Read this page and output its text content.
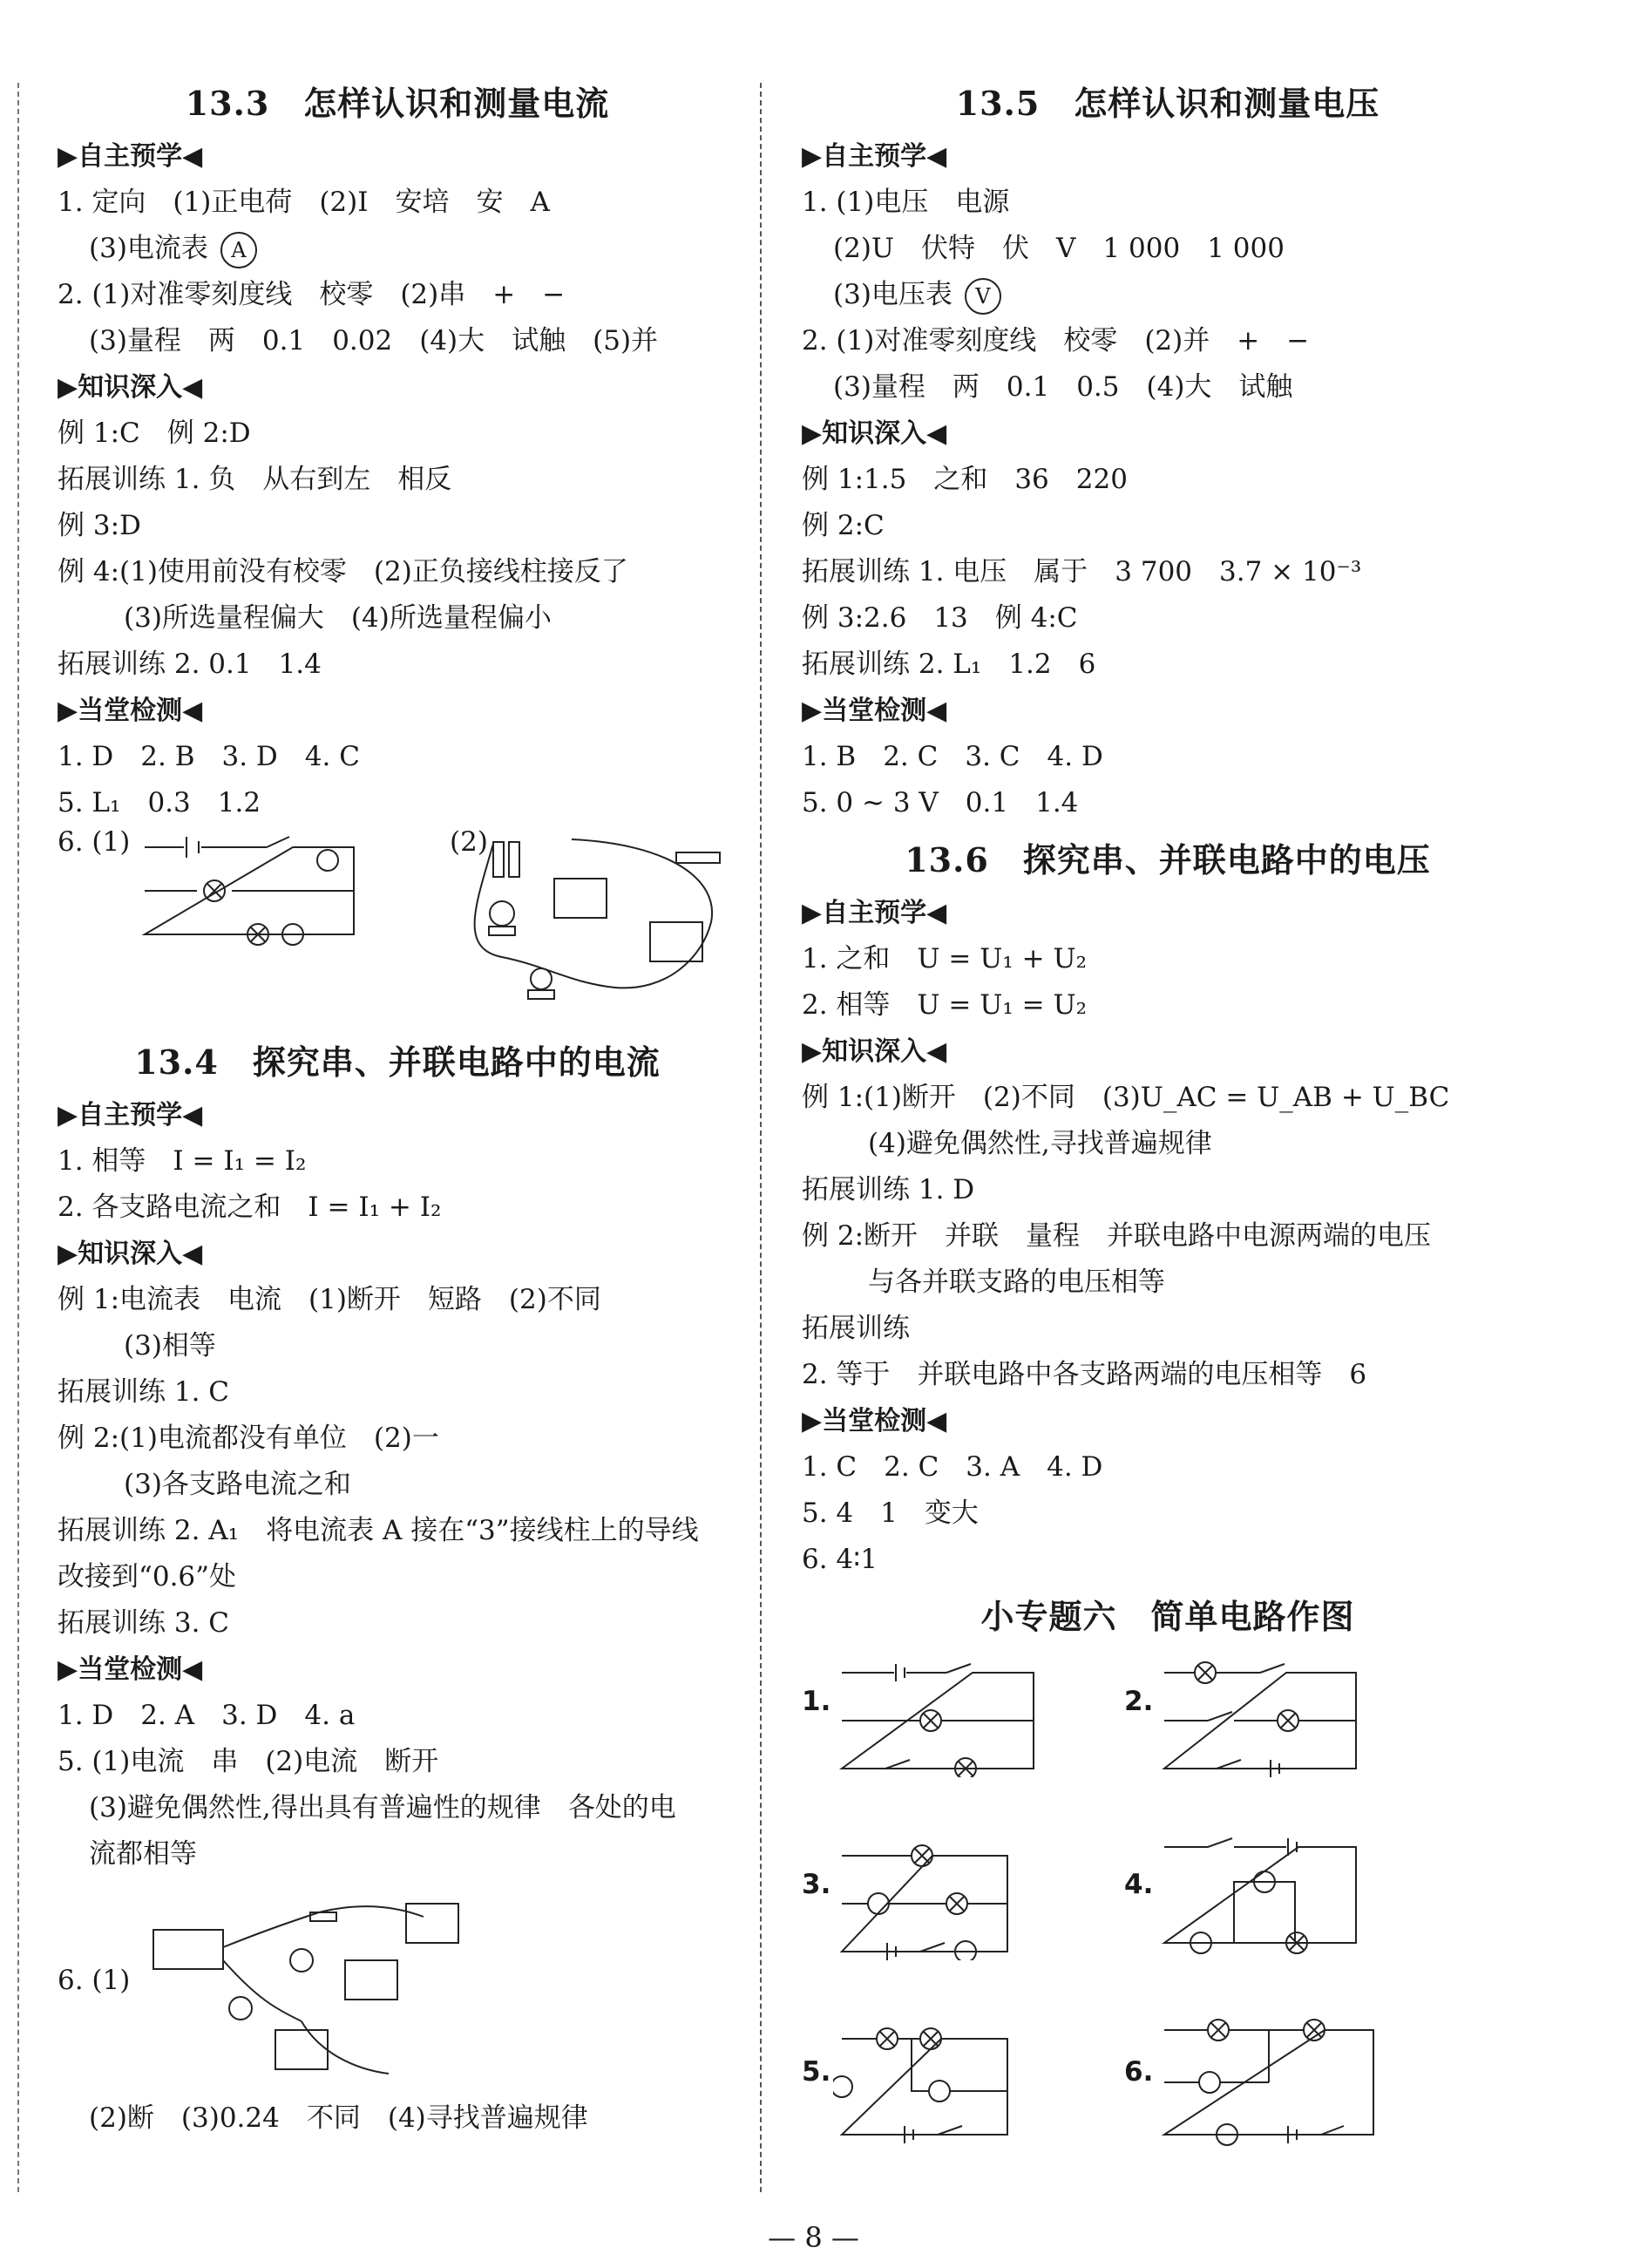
13.3　怎样认识和测量电流
▶自主预学◀
1. 定向　(1)正电荷　(2)I　安培　安　A
(3)电流表 A
2. (1)对准零刻度线　校零　(2)串　+　−
(3)量程　两　0.1　0.02　(4)大　试触　(5)并
▶知识深入◀
例 1:C　例 2:D
拓展训练 1. 负　从右到左　相反
例 3:D
例 4:(1)使用前没有校零　(2)正负接线柱接反了
(3)所选量程偏大　(4)所选量程偏小
拓展训练 2. 0.1　1.4
▶当堂检测◀
1. D　2. B　3. D　4. C
5. L₁　0.3　1.2
6. (1)	(2)
13.4　探究串、并联电路中的电流
▶自主预学◀
1. 相等　I = I₁ = I₂
2. 各支路电流之和　I = I₁ + I₂
▶知识深入◀
例 1:电流表　电流　(1)断开　短路　(2)不同
(3)相等
拓展训练 1. C
例 2:(1)电流都没有单位　(2)一
(3)各支路电流之和
拓展训练 2. A₁　将电流表 A 接在“3”接线柱上的导线
改接到“0.6”处
拓展训练 3. C
▶当堂检测◀
1. D　2. A　3. D　4. a
5. (1)电流　串　(2)电流　断开
(3)避免偶然性,得出具有普遍性的规律　各处的电
流都相等
6. (1)
(2)断　(3)0.24　不同　(4)寻找普遍规律
13.5　怎样认识和测量电压
▶自主预学◀
1. (1)电压　电源
(2)U　伏特　伏　V　1 000　1 000
(3)电压表 V
2. (1)对准零刻度线　校零　(2)并　+　−
(3)量程　两　0.1　0.5　(4)大　试触
▶知识深入◀
例 1:1.5　之和　36　220
例 2:C
拓展训练 1. 电压　属于　3 700　3.7 × 10⁻³
例 3:2.6　13　例 4:C
拓展训练 2. L₁　1.2　6
▶当堂检测◀
1. B　2. C　3. C　4. D
5. 0 ~ 3 V　0.1　1.4
13.6　探究串、并联电路中的电压
▶自主预学◀
1. 之和　U = U₁ + U₂
2. 相等　U = U₁ = U₂
▶知识深入◀
例 1:(1)断开　(2)不同　(3)U_AC = U_AB + U_BC
(4)避免偶然性,寻找普遍规律
拓展训练 1. D
例 2:断开　并联　量程　并联电路中电源两端的电压
与各并联支路的电压相等
拓展训练
2. 等于　并联电路中各支路两端的电压相等　6
▶当堂检测◀
1. C　2. C　3. A　4. D
5. 4　1　变大
6. 4∶1
小专题六　简单电路作图
1.	2.
3.	4.
5.	6.
— 8 —
